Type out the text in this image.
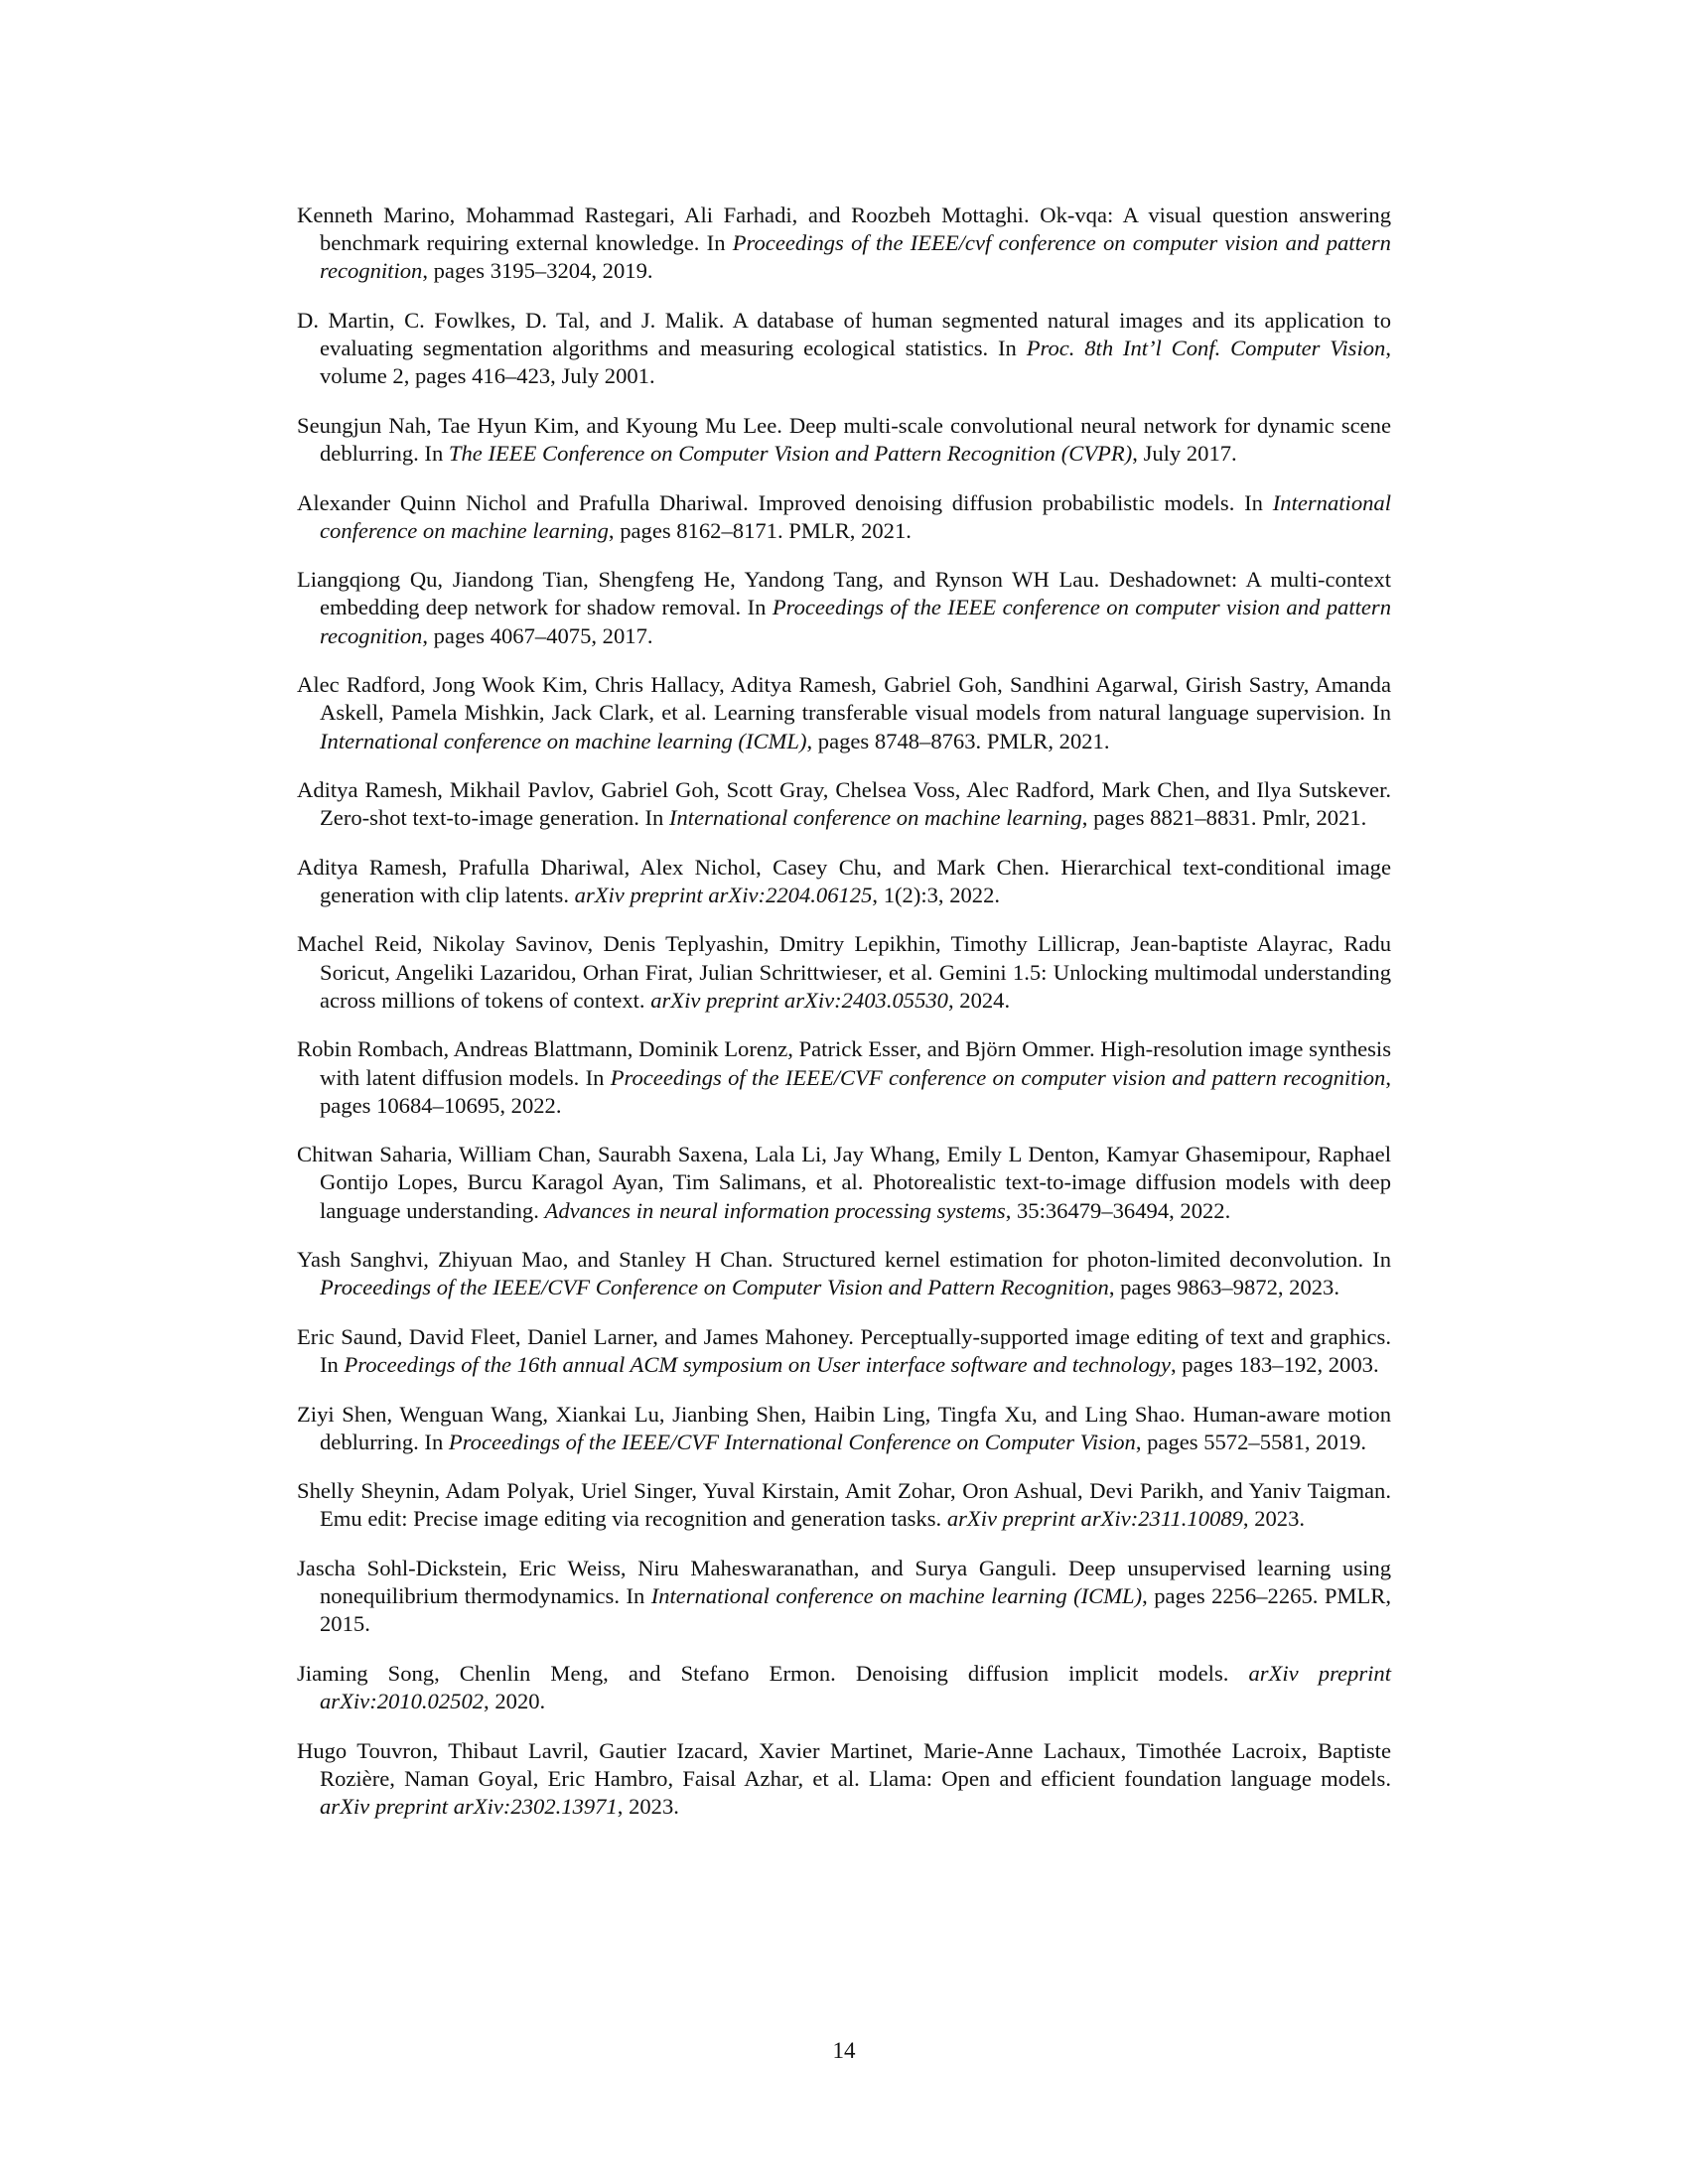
Kenneth Marino, Mohammad Rastegari, Ali Farhadi, and Roozbeh Mottaghi. Ok-vqa: A visual question answering benchmark requiring external knowledge. In Proceedings of the IEEE/cvf conference on computer vision and pattern recognition, pages 3195–3204, 2019.
D. Martin, C. Fowlkes, D. Tal, and J. Malik. A database of human segmented natural images and its application to evaluating segmentation algorithms and measuring ecological statistics. In Proc. 8th Int’l Conf. Computer Vision, volume 2, pages 416–423, July 2001.
Seungjun Nah, Tae Hyun Kim, and Kyoung Mu Lee. Deep multi-scale convolutional neural network for dynamic scene deblurring. In The IEEE Conference on Computer Vision and Pattern Recognition (CVPR), July 2017.
Alexander Quinn Nichol and Prafulla Dhariwal. Improved denoising diffusion probabilistic models. In International conference on machine learning, pages 8162–8171. PMLR, 2021.
Liangqiong Qu, Jiandong Tian, Shengfeng He, Yandong Tang, and Rynson WH Lau. Deshadownet: A multi-context embedding deep network for shadow removal. In Proceedings of the IEEE conference on computer vision and pattern recognition, pages 4067–4075, 2017.
Alec Radford, Jong Wook Kim, Chris Hallacy, Aditya Ramesh, Gabriel Goh, Sandhini Agarwal, Girish Sastry, Amanda Askell, Pamela Mishkin, Jack Clark, et al. Learning transferable visual models from natural language supervision. In International conference on machine learning (ICML), pages 8748–8763. PMLR, 2021.
Aditya Ramesh, Mikhail Pavlov, Gabriel Goh, Scott Gray, Chelsea Voss, Alec Radford, Mark Chen, and Ilya Sutskever. Zero-shot text-to-image generation. In International conference on machine learning, pages 8821–8831. Pmlr, 2021.
Aditya Ramesh, Prafulla Dhariwal, Alex Nichol, Casey Chu, and Mark Chen. Hierarchical text-conditional image generation with clip latents. arXiv preprint arXiv:2204.06125, 1(2):3, 2022.
Machel Reid, Nikolay Savinov, Denis Teplyashin, Dmitry Lepikhin, Timothy Lillicrap, Jean-baptiste Alayrac, Radu Soricut, Angeliki Lazaridou, Orhan Firat, Julian Schrittwieser, et al. Gemini 1.5: Unlocking multimodal understanding across millions of tokens of context. arXiv preprint arXiv:2403.05530, 2024.
Robin Rombach, Andreas Blattmann, Dominik Lorenz, Patrick Esser, and Björn Ommer. High-resolution image synthesis with latent diffusion models. In Proceedings of the IEEE/CVF conference on computer vision and pattern recognition, pages 10684–10695, 2022.
Chitwan Saharia, William Chan, Saurabh Saxena, Lala Li, Jay Whang, Emily L Denton, Kamyar Ghasemipour, Raphael Gontijo Lopes, Burcu Karagol Ayan, Tim Salimans, et al. Photorealistic text-to-image diffusion models with deep language understanding. Advances in neural information processing systems, 35:36479–36494, 2022.
Yash Sanghvi, Zhiyuan Mao, and Stanley H Chan. Structured kernel estimation for photon-limited deconvolution. In Proceedings of the IEEE/CVF Conference on Computer Vision and Pattern Recognition, pages 9863–9872, 2023.
Eric Saund, David Fleet, Daniel Larner, and James Mahoney. Perceptually-supported image editing of text and graphics. In Proceedings of the 16th annual ACM symposium on User interface software and technology, pages 183–192, 2003.
Ziyi Shen, Wenguan Wang, Xiankai Lu, Jianbing Shen, Haibin Ling, Tingfa Xu, and Ling Shao. Human-aware motion deblurring. In Proceedings of the IEEE/CVF International Conference on Computer Vision, pages 5572–5581, 2019.
Shelly Sheynin, Adam Polyak, Uriel Singer, Yuval Kirstain, Amit Zohar, Oron Ashual, Devi Parikh, and Yaniv Taigman. Emu edit: Precise image editing via recognition and generation tasks. arXiv preprint arXiv:2311.10089, 2023.
Jascha Sohl-Dickstein, Eric Weiss, Niru Maheswaranathan, and Surya Ganguli. Deep unsupervised learning using nonequilibrium thermodynamics. In International conference on machine learning (ICML), pages 2256–2265. PMLR, 2015.
Jiaming Song, Chenlin Meng, and Stefano Ermon. Denoising diffusion implicit models. arXiv preprint arXiv:2010.02502, 2020.
Hugo Touvron, Thibaut Lavril, Gautier Izacard, Xavier Martinet, Marie-Anne Lachaux, Timothée Lacroix, Baptiste Rozière, Naman Goyal, Eric Hambro, Faisal Azhar, et al. Llama: Open and efficient foundation language models. arXiv preprint arXiv:2302.13971, 2023.
14
